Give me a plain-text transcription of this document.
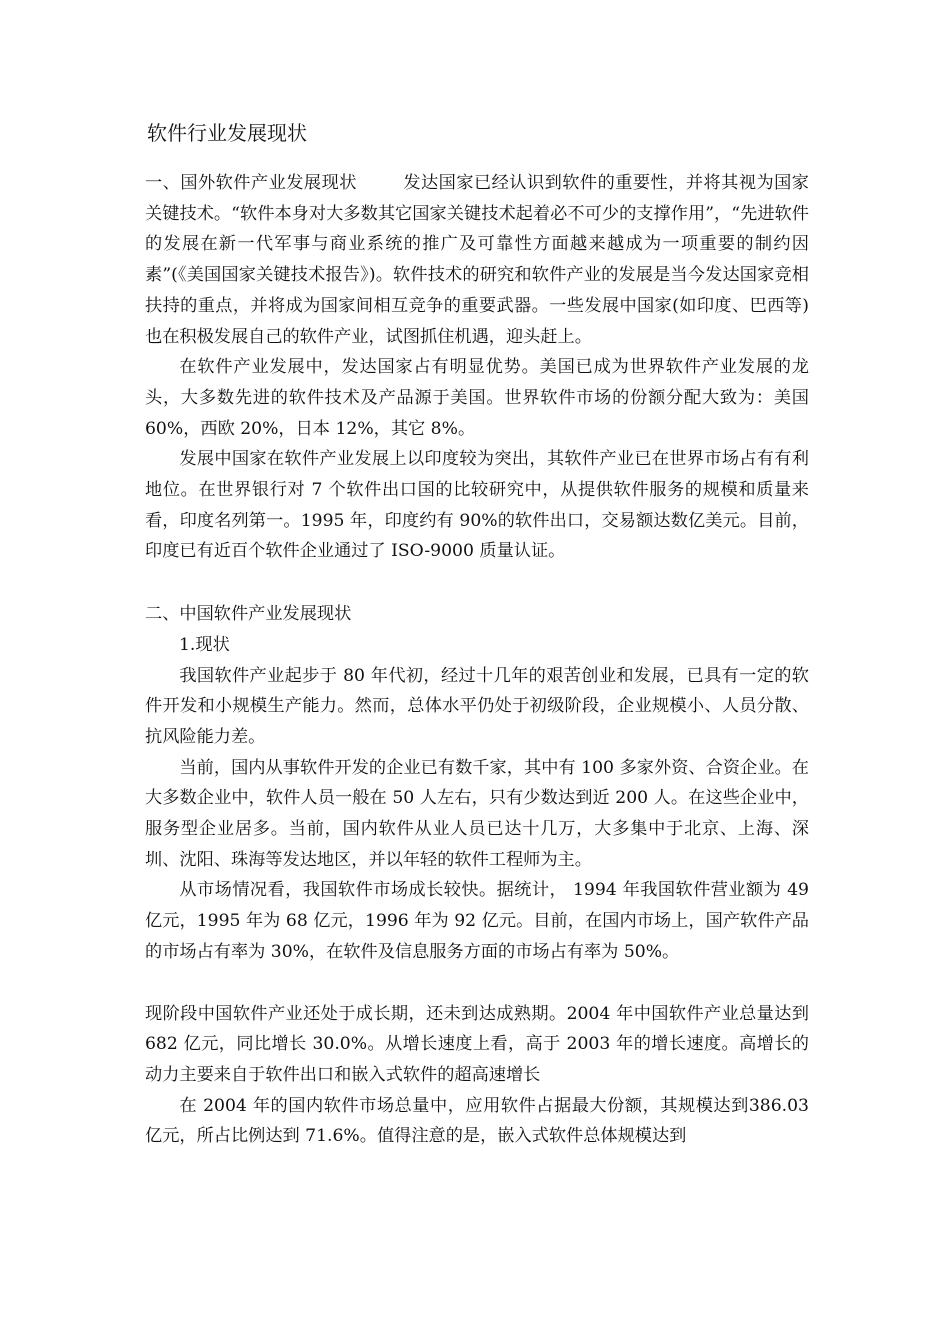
软件行业发展现状

一、国外软件产业发展现状	发达国家已经认识到软件的重要性，并将其视为国家关键技术。“软件本身对大多数其它国家关键技术起着必不可少的支撑作用”，“先进软件的发展在新一代军事与商业系统的推广及可靠性方面越来越成为一项重要的制约因素”(《美国国家关键技术报告》)。软件技术的研究和软件产业的发展是当今发达国家竞相扶持的重点，并将成为国家间相互竞争的重要武器。一些发展中国家(如印度、巴西等)也在积极发展自己的软件产业，试图抓住机遇，迎头赶上。

在软件产业发展中，发达国家占有明显优势。美国已成为世界软件产业发展的龙头，大多数先进的软件技术及产品源于美国。世界软件市场的份额分配大致为：美国 60%，西欧 20%，日本 12%，其它 8%。

发展中国家在软件产业发展上以印度较为突出，其软件产业已在世界市场占有有利地位。在世界银行对 7 个软件出口国的比较研究中，从提供软件服务的规模和质量来看，印度名列第一。1995 年，印度约有 90%的软件出口，交易额达数亿美元。目前，印度已有近百个软件企业通过了 ISO-9000 质量认证。

二、中国软件产业发展现状

1.现状

我国软件产业起步于 80 年代初，经过十几年的艰苦创业和发展，已具有一定的软件开发和小规模生产能力。然而，总体水平仍处于初级阶段，企业规模小、人员分散、抗风险能力差。

当前，国内从事软件开发的企业已有数千家，其中有 100 多家外资、合资企业。在大多数企业中，软件人员一般在 50 人左右，只有少数达到近 200 人。在这些企业中，服务型企业居多。当前，国内软件从业人员已达十几万，大多集中于北京、上海、深圳、沈阳、珠海等发达地区，并以年轻的软件工程师为主。

从市场情况看，我国软件市场成长较快。据统计， 1994 年我国软件营业额为 49 亿元，1995 年为 68 亿元，1996 年为 92 亿元。目前，在国内市场上，国产软件产品的市场占有率为 30%，在软件及信息服务方面的市场占有率为 50%。

现阶段中国软件产业还处于成长期，还未到达成熟期。2004 年中国软件产业总量达到 682 亿元，同比增长 30.0%。从增长速度上看，高于 2003 年的增长速度。高增长的动力主要来自于软件出口和嵌入式软件的超高速增长

在 2004 年的国内软件市场总量中，应用软件占据最大份额，其规模达到386.03 亿元，所占比例达到 71.6%。值得注意的是，嵌入式软件总体规模达到
